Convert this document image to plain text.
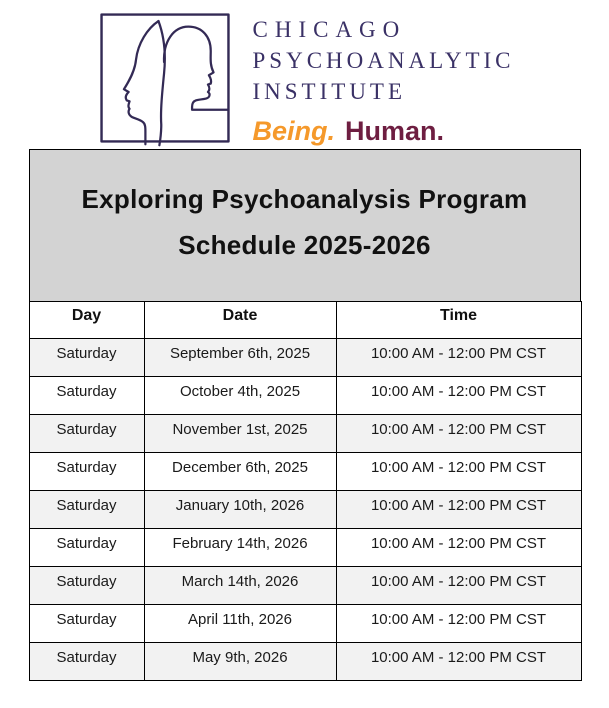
CHICAGO
PSYCHOANALYTIC
INSTITUTE
Being. Human.
Exploring Psychoanalysis Program
Schedule 2025-2026
Day	Date	Time
Saturday	September 6th, 2025	10:00 AM - 12:00 PM CST
Saturday	October 4th, 2025	10:00 AM - 12:00 PM CST
Saturday	November 1st, 2025	10:00 AM - 12:00 PM CST
Saturday	December 6th, 2025	10:00 AM - 12:00 PM CST
Saturday	January 10th, 2026	10:00 AM - 12:00 PM CST
Saturday	February 14th, 2026	10:00 AM - 12:00 PM CST
Saturday	March 14th, 2026	10:00 AM - 12:00 PM CST
Saturday	April 11th, 2026	10:00 AM - 12:00 PM CST
Saturday	May 9th, 2026	10:00 AM - 12:00 PM CST
